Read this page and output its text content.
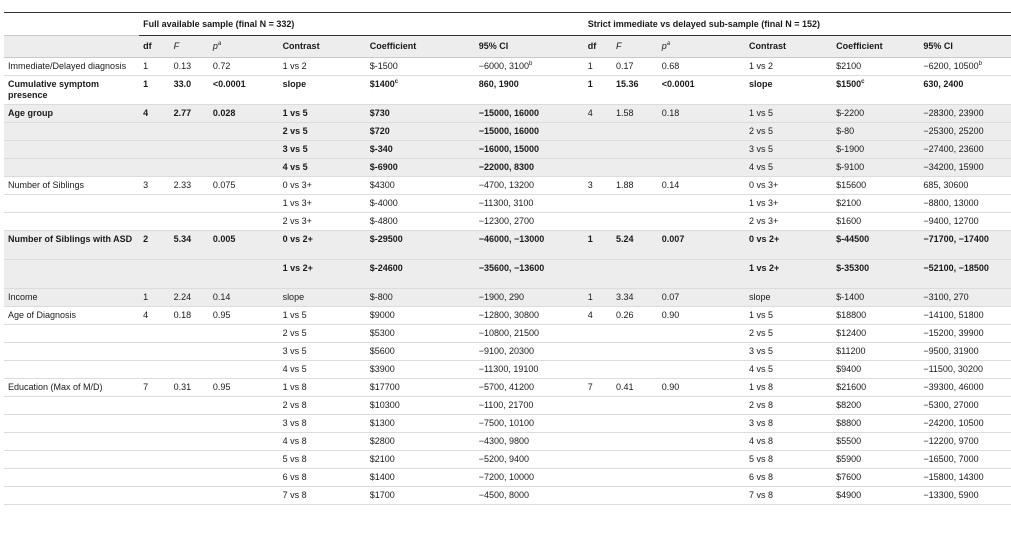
	Full available sample (final N = 332)						Strict immediate vs delayed sub-sample (final N = 152)					
	df	F	$p^a$	Contrast	Coefficient	95% CI	df	F	$p^a$	Contrast	Coefficient	95% CI
Immediate/Delayed diagnosis	1	0.13	0.72	1 vs 2	$-1500	−6000, 3100$^b$	1	0.17	0.68	1 vs 2	$2100	−6200, 10500$^b$
Cumulative symptom presence	1	33.0	<0.0001	slope	$1400$^c$	860, 1900	1	15.36	<0.0001	slope	$1500$^c$	630, 2400
Age group	4	2.77	0.028	1 vs 5	$730	−15000, 16000	4	1.58	0.18	1 vs 5	$-2200	−28300, 23900
				2 vs 5	$720	−15000, 16000				2 vs 5	$-80	−25300, 25200
				3 vs 5	$-340	−16000, 15000				3 vs 5	$-1900	−27400, 23600
				4 vs 5	$-6900	−22000, 8300				4 vs 5	$-9100	−34200, 15900
Number of Siblings	3	2.33	0.075	0 vs 3+	$4300	−4700, 13200	3	1.88	0.14	0 vs 3+	$15600	685, 30600
				1 vs 3+	$-4000	−11300, 3100				1 vs 3+	$2100	−8800, 13000
				2 vs 3+	$-4800	−12300, 2700				2 vs 3+	$1600	−9400, 12700
Number of Siblings with ASD	2	5.34	0.005	0 vs 2+	$-29500	−46000, −13000	1	5.24	0.007	0 vs 2+	$-44500	−71700, −17400
				1 vs 2+	$-24600	−35600, −13600				1 vs 2+	$-35300	−52100, −18500
Income	1	2.24	0.14	slope	$-800	−1900, 290	1	3.34	0.07	slope	$-1400	−3100, 270
Age of Diagnosis	4	0.18	0.95	1 vs 5	$9000	−12800, 30800	4	0.26	0.90	1 vs 5	$18800	−14100, 51800
				2 vs 5	$5300	−10800, 21500				2 vs 5	$12400	−15200, 39900
				3 vs 5	$5600	−9100, 20300				3 vs 5	$11200	−9500, 31900
				4 vs 5	$3900	−11300, 19100				4 vs 5	$9400	−11500, 30200
Education (Max of M/D)	7	0.31	0.95	1 vs 8	$17700	−5700, 41200	7	0.41	0.90	1 vs 8	$21600	−39300, 46000
				2 vs 8	$10300	−1100, 21700				2 vs 8	$8200	−5300, 27000
				3 vs 8	$1300	−7500, 10100				3 vs 8	$8800	−24200, 10500
				4 vs 8	$2800	−4300, 9800				4 vs 8	$5500	−12200, 9700
				5 vs 8	$2100	−5200, 9400				5 vs 8	$5900	−16500, 7000
				6 vs 8	$1400	−7200, 10000				6 vs 8	$7600	−15800, 14300
				7 vs 8	$1700	−4500, 8000				7 vs 8	$4900	−13300, 5900
